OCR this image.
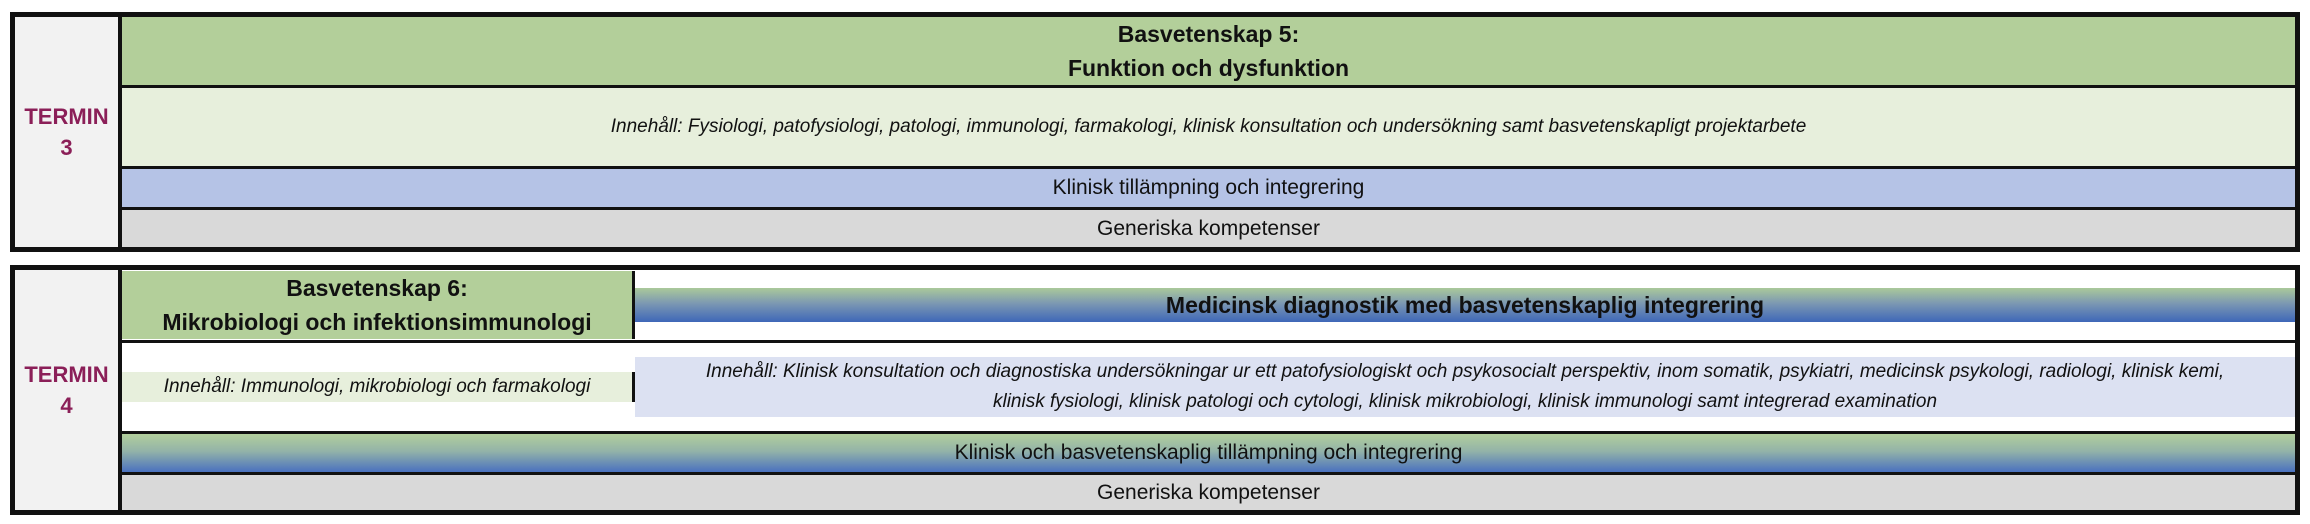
TERMIN
3
Basvetenskap 5:
Funktion och dysfunktion
Innehåll: Fysiologi, patofysiologi, patologi, immunologi, farmakologi, klinisk konsultation och undersökning samt basvetenskapligt projektarbete
Klinisk tillämpning och integrering
Generiska kompetenser
TERMIN
4
Basvetenskap 6:
Mikrobiologi och infektionsimmunologi
Medicinsk diagnostik med basvetenskaplig integrering
Innehåll: Immunologi, mikrobiologi och farmakologi
Innehåll: Klinisk konsultation och diagnostiska undersökningar ur ett patofysiologiskt och psykosocialt perspektiv, inom somatik, psykiatri, medicinsk psykologi, radiologi, klinisk kemi,
klinisk fysiologi, klinisk patologi och cytologi, klinisk mikrobiologi, klinisk immunologi samt integrerad examination
Klinisk och basvetenskaplig tillämpning och integrering
Generiska kompetenser
